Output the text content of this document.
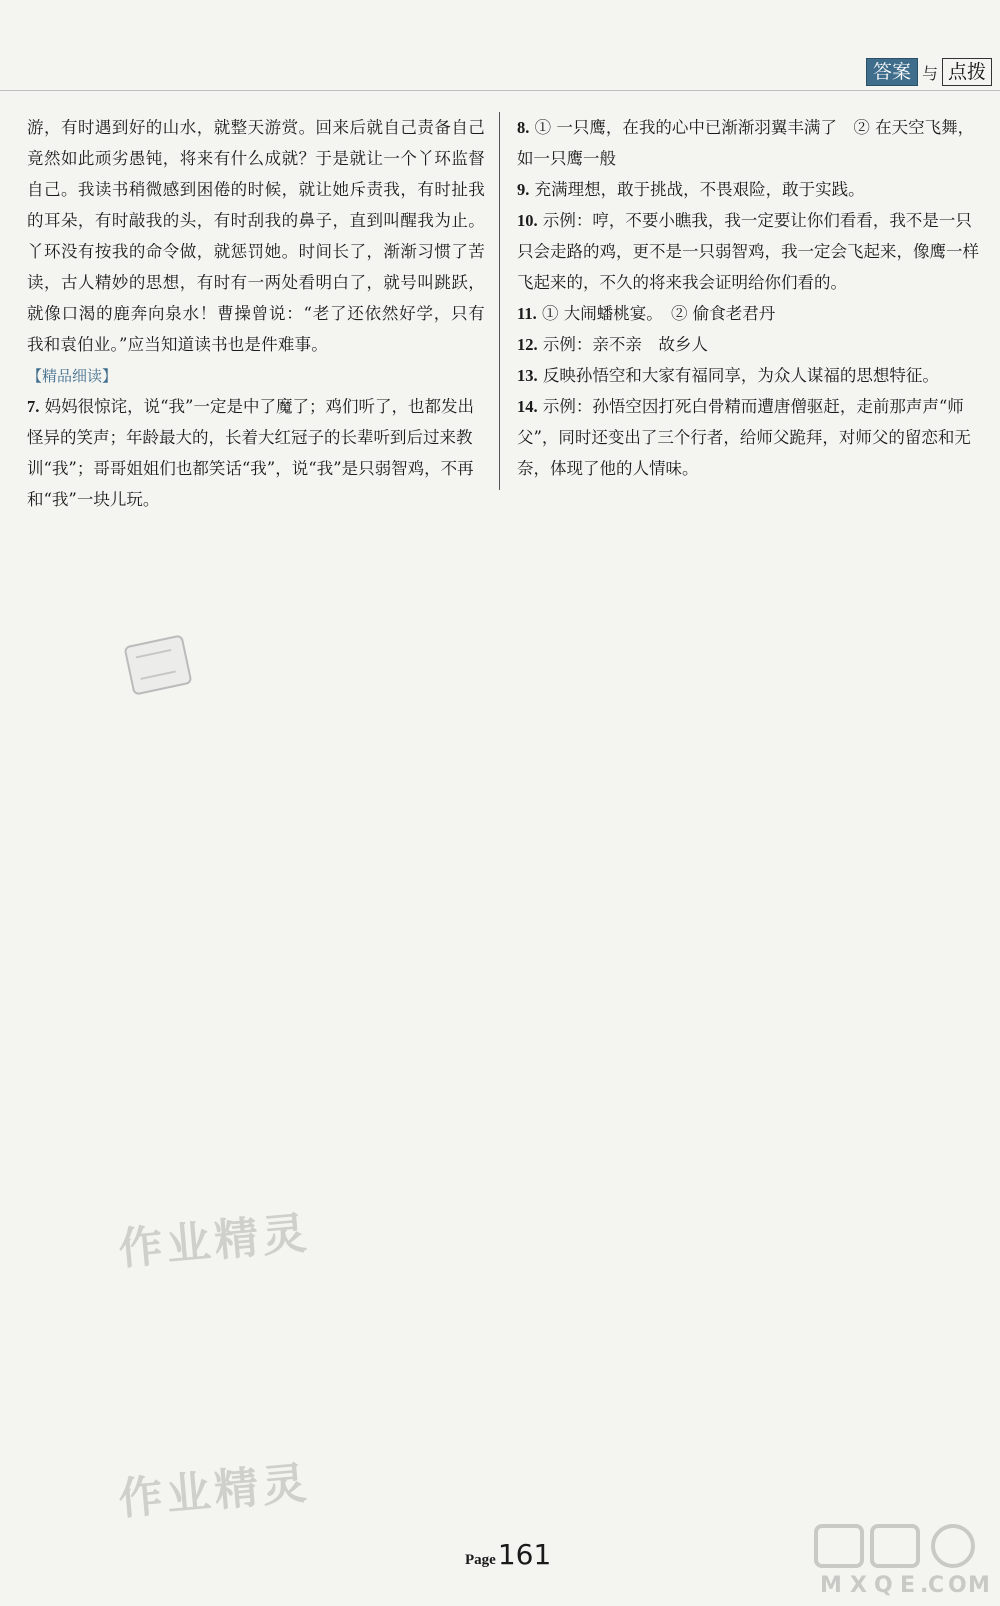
答案 与 点拨

游，有时遇到好的山水，就整天游赏。回来后就自己责备自己竟然如此顽劣愚钝，将来有什么成就？于是就让一个丫环监督自己。我读书稍微感到困倦的时候，就让她斥责我，有时扯我的耳朵，有时敲我的头，有时刮我的鼻子，直到叫醒我为止。丫环没有按我的命令做，就惩罚她。时间长了，渐渐习惯了苦读，古人精妙的思想，有时有一两处看明白了，就号叫跳跃，就像口渴的鹿奔向泉水！曹操曾说：“老了还依然好学，只有我和袁伯业。”应当知道读书也是件难事。

【精品细读】

7. 妈妈很惊诧，说“我”一定是中了魔了；鸡们听了，也都发出怪异的笑声；年龄最大的，长着大红冠子的长辈听到后过来教训“我”；哥哥姐姐们也都笑话“我”，说“我”是只弱智鸡，不再和“我”一块儿玩。

8. ① 一只鹰，在我的心中已渐渐羽翼丰满了　② 在天空飞舞，如一只鹰一般

9. 充满理想，敢于挑战，不畏艰险，敢于实践。

10. 示例：哼，不要小瞧我，我一定要让你们看看，我不是一只只会走路的鸡，更不是一只弱智鸡，我一定会飞起来，像鹰一样飞起来的，不久的将来我会证明给你们看的。

11. ① 大闹蟠桃宴。　② 偷食老君丹

12. 示例：亲不亲　故乡人

13. 反映孙悟空和大家有福同享，为众人谋福的思想特征。

14. 示例：孙悟空因打死白骨精而遭唐僧驱赶，走前那声声“师父”，同时还变出了三个行者，给师父跪拜，对师父的留恋和无奈，体现了他的人情味。

作业精灵
作业精灵
Page 161
M X Q E . C O M
